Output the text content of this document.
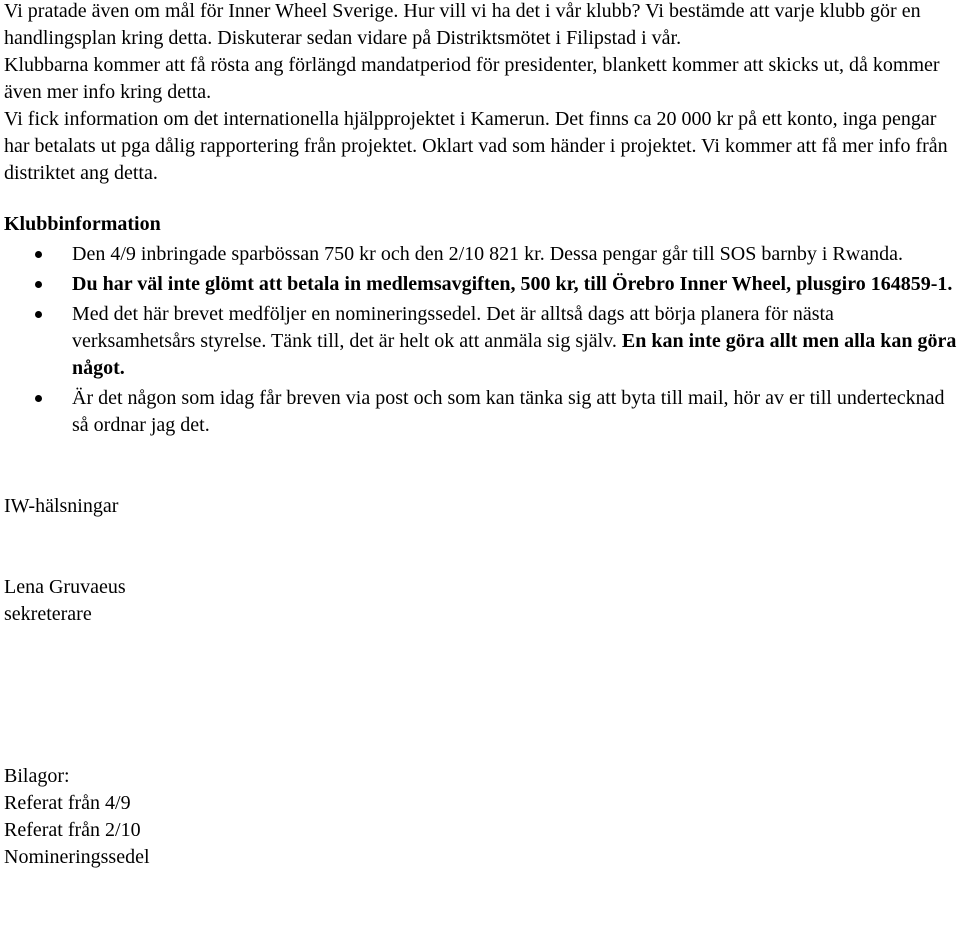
Vi pratade även om mål för Inner Wheel Sverige. Hur vill vi ha det i vår klubb? Vi bestämde att varje klubb gör en handlingsplan kring detta. Diskuterar sedan vidare på Distriktsmötet i Filipstad i vår.

Klubbarna kommer att få rösta ang förlängd mandatperiod för presidenter, blankett kommer att skicks ut, då kommer även mer info kring detta.

Vi fick information om det internationella hjälpprojektet i Kamerun. Det finns ca 20 000 kr på ett konto, inga pengar har betalats ut pga dålig rapportering från projektet. Oklart vad som händer i projektet. Vi kommer att få mer info från distriktet ang detta.

Klubbinformation

Den 4/9 inbringade sparbössan 750 kr och den 2/10 821 kr. Dessa pengar går till SOS barnby i Rwanda.
Du har väl inte glömt att betala in medlemsavgiften, 500 kr, till Örebro Inner Wheel, plusgiro 164859-1.
Med det här brevet medföljer en nomineringssedel. Det är alltså dags att börja planera för nästa verksamhetsårs styrelse. Tänk till, det är helt ok att anmäla sig själv. En kan inte göra allt men alla kan göra något.
Är det någon som idag får breven via post och som kan tänka sig att byta till mail, hör av er till undertecknad så ordnar jag det.

IW-hälsningar

Lena Gruvaeus

sekreterare

Bilagor:

Referat från 4/9

Referat från 2/10

Nomineringssedel
